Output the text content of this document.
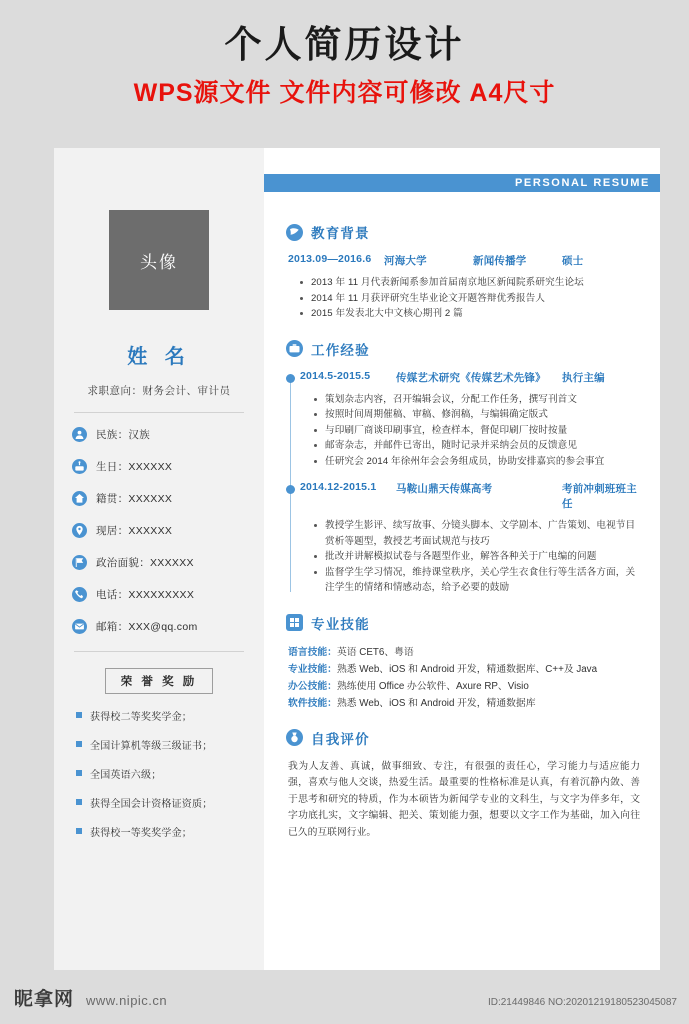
个人简历设计
WPS源文件 文件内容可修改 A4尺寸
头像
姓 名
求职意向：财务会计、审计员
民族：汉族
生日：XXXXXX
籍贯：XXXXXX
现居：XXXXXX
政治面貌：XXXXXX
电话：XXXXXXXXX
邮箱：XXX@qq.com
荣 誉 奖 励
获得校二等奖奖学金；
全国计算机等级三级证书；
全国英语六级；
获得全国会计资格证资质；
获得校一等奖奖学金；
PERSONAL RESUME
教育背景
2013.09—2016.6	河海大学	新闻传播学	硕士
2013 年 11 月代表新闻系参加首届南京地区新闻院系研究生论坛
2014 年 11 月获评研究生毕业论文开题答辩优秀报告人
2015 年发表北大中文核心期刊 2 篇
工作经验
2014.5-2015.5	传媒艺术研究《传媒艺术先锋》	执行主编
策划杂志内容，召开编辑会议，分配工作任务，撰写刊首文
按照时间周期催稿、审稿、修润稿，与编辑确定版式
与印刷厂商谈印刷事宜，检查样本，督促印刷厂按时按量
邮寄杂志，并邮件已寄出，随时记录并采纳会员的反馈意见
任研究会 2014 年徐州年会会务组成员，协助安排嘉宾的参会事宜
2014.12-2015.1	马鞍山鼎天传媒高考	考前冲刺班班主任
教授学生影评、续写故事、分镜头脚本、文学剧本、广告策划、电视节目赏析等题型，教授艺考面试规范与技巧
批改并讲解模拟试卷与各题型作业，解答各种关于广电编的问题
监督学生学习情况，维持课堂秩序，关心学生衣食住行等生活各方面，关注学生的情绪和情感动态，给予必要的鼓励
专业技能
语言技能：英语 CET6、粤语
专业技能：熟悉 Web、iOS 和 Android 开发，精通数据库、C++及 Java
办公技能：熟练使用 Office 办公软件、Axure RP、Visio
软件技能：熟悉 Web、iOS 和 Android 开发，精通数据库
自我评价
我为人友善、真诚，做事细致、专注，有很强的责任心，学习能力与适应能力强，喜欢与他人交谈，热爱生活。最重要的性格标准是认真，有着沉静内敛、善于思考和研究的特质，作为本硕皆为新闻学专业的文科生，与文字为伴多年，文字功底扎实，文字编辑、把关、策划能力强，想要以文字工作为基础，加入向往已久的互联网行业。
昵拿网 www.nipic.cn	ID:21449846 NO:20201219180523045087
